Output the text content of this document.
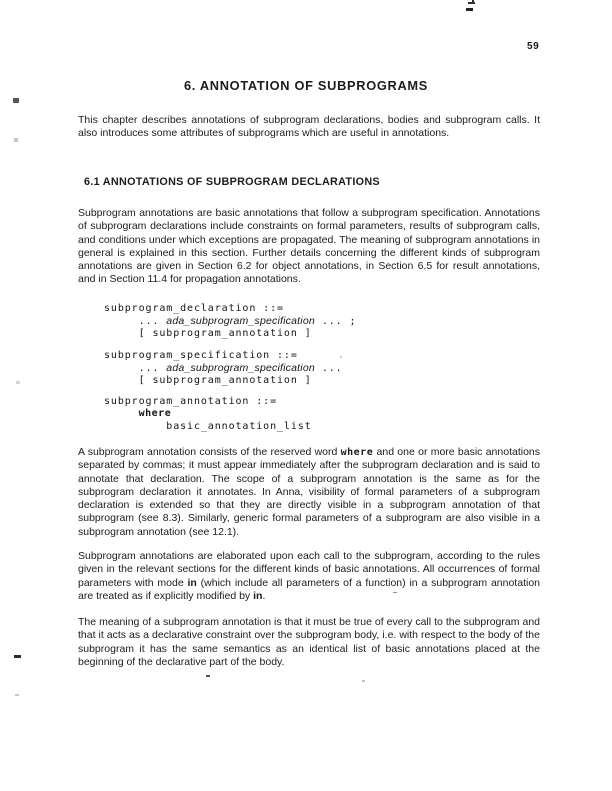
59
6. ANNOTATION OF SUBPROGRAMS

This chapter describes annotations of subprogram declarations, bodies and subprogram calls. It also introduces some attributes of subprograms which are useful in annotations.

6.1 ANNOTATIONS OF SUBPROGRAM DECLARATIONS

Subprogram annotations are basic annotations that follow a subprogram specification. Annotations of subprogram declarations include constraints on formal parameters, results of subprogram calls, and conditions under which exceptions are propagated. The meaning of subprogram annotations in general is explained in this section. Further details concerning the different kinds of subprogram annotations are given in Section 6.2 for object annotations, in Section 6.5 for result annotations, and in Section 11.4 for propagation annotations.

subprogram_declaration ::=
... ada_subprogram_specification ... ;
[ subprogram_annotation ]
subprogram_specification ::=
... ada_subprogram_specification ...
[ subprogram_annotation ]
subprogram_annotation ::=
where
basic_annotation_list

A subprogram annotation consists of the reserved word where and one or more basic annotations separated by commas; it must appear immediately after the subprogram declaration and is said to annotate that declaration. The scope of a subprogram annotation is the same as for the subprogram declaration it annotates. In Anna, visibility of formal parameters of a subprogram declaration is extended so that they are directly visible in a subprogram annotation of that subprogram (see 8.3). Similarly, generic formal parameters of a subprogram are also visible in a subprogram annotation (see 12.1).

Subprogram annotations are elaborated upon each call to the subprogram, according to the rules given in the relevant sections for the different kinds of basic annotations. All occurrences of formal parameters with mode in (which include all parameters of a function) in a subprogram annotation are treated as if explicitly modified by in.

The meaning of a subprogram annotation is that it must be true of every call to the subprogram and that it acts as a declarative constraint over the subprogram body, i.e. with respect to the body of the subprogram it has the same semantics as an identical list of basic annotations placed at the beginning of the declarative part of the body.
